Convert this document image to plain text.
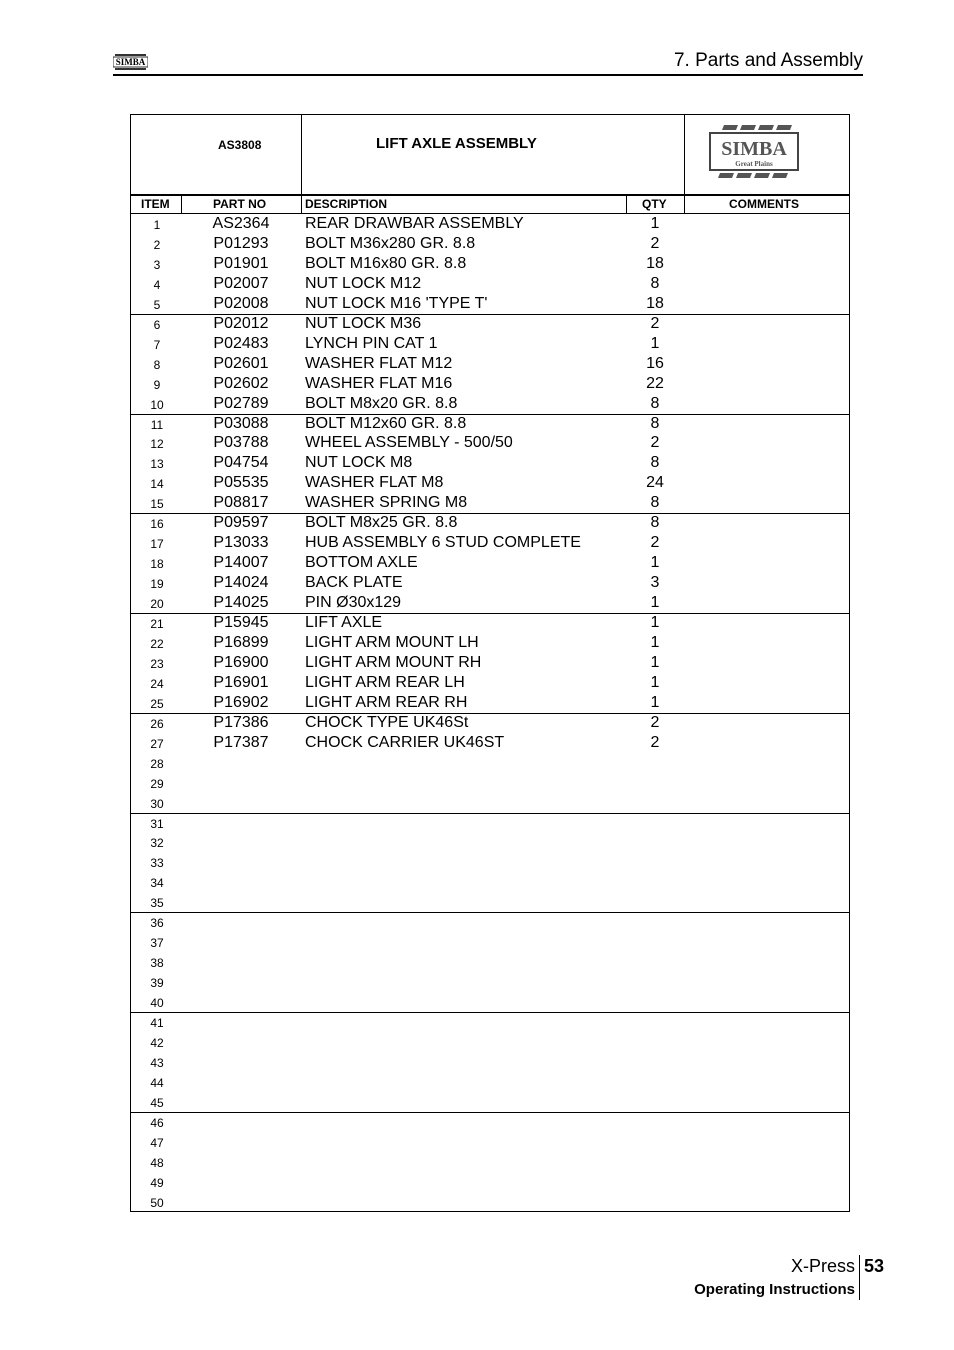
SIMBA	7. Parts and Assembly
AS3808	LIFT AXLE ASSEMBLY	SIMBA
Great Plains
ITEM	PART NO	DESCRIPTION	QTY	COMMENTS
1	AS2364	REAR DRAWBAR ASSEMBLY	1
2	P01293	BOLT M36x280 GR. 8.8	2
3	P01901	BOLT M16x80 GR. 8.8	18
4	P02007	NUT LOCK M12	8
5	P02008	NUT LOCK M16 'TYPE T'	18
6	P02012	NUT LOCK M36	2
7	P02483	LYNCH PIN CAT 1	1
8	P02601	WASHER FLAT M12	16
9	P02602	WASHER FLAT M16	22
10	P02789	BOLT M8x20 GR. 8.8	8
11	P03088	BOLT M12x60 GR. 8.8	8
12	P03788	WHEEL ASSEMBLY - 500/50	2
13	P04754	NUT LOCK M8	8
14	P05535	WASHER FLAT M8	24
15	P08817	WASHER SPRING M8	8
16	P09597	BOLT M8x25 GR. 8.8	8
17	P13033	HUB ASSEMBLY 6 STUD COMPLETE	2
18	P14007	BOTTOM AXLE	1
19	P14024	BACK PLATE	3
20	P14025	PIN Ø30x129	1
21	P15945	LIFT AXLE	1
22	P16899	LIGHT ARM MOUNT LH	1
23	P16900	LIGHT ARM MOUNT RH	1
24	P16901	LIGHT ARM REAR LH	1
25	P16902	LIGHT ARM REAR RH	1
26	P17386	CHOCK TYPE UK46St	2
27	P17387	CHOCK CARRIER UK46ST	2
28
29
30
31
32
33
34
35
36
37
38
39
40
41
42
43
44
45
46
47
48
49
50
X-Press 53
Operating Instructions
